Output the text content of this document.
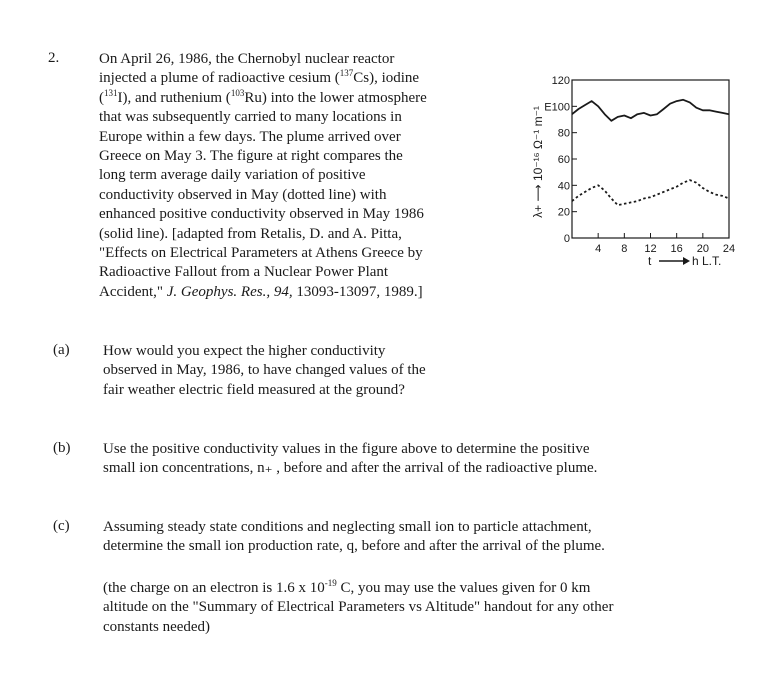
2.	On April 26, 1986, the Chernobyl nuclear reactor
injected a plume of radioactive cesium ($^{137}$Cs), iodine
($^{131}$I), and ruthenium ($^{103}$Ru) into the lower atmosphere
that was subsequently carried to many locations in
Europe within a few days. The plume arrived over
Greece on May 3. The figure at right compares the
long term average daily variation of positive
conductivity observed in May (dotted line) with
enhanced positive conductivity observed in May 1986
(solid line). [adapted from Retalis, D. and A. Pitta,
"Effects on Electrical Parameters at Athens Greece by
Radioactive Fallout from a Nuclear Power Plant
Accident," J. Geophys. Res., 94, 13093-13097, 1989.]
0
20
40
60
80
E100
120
4 8 12 16 20 24
λ+ ⟶ 10⁻¹⁶ Ω⁻¹ m⁻¹
t	h L.T.
(a) How would you expect the higher conductivity
observed in May, 1986, to have changed values of the
fair weather electric field measured at the ground?
(b) Use the positive conductivity values in the figure above to determine the positive
small ion concentrations, n₊ , before and after the arrival of the radioactive plume.
(c) Assuming steady state conditions and neglecting small ion to particle attachment,
determine the small ion production rate, q, before and after the arrival of the plume.
(the charge on an electron is 1.6 x $10^{-19}$ C, you may use the values given for 0 km
altitude on the "Summary of Electrical Parameters vs Altitude" handout for any other
constants needed)
